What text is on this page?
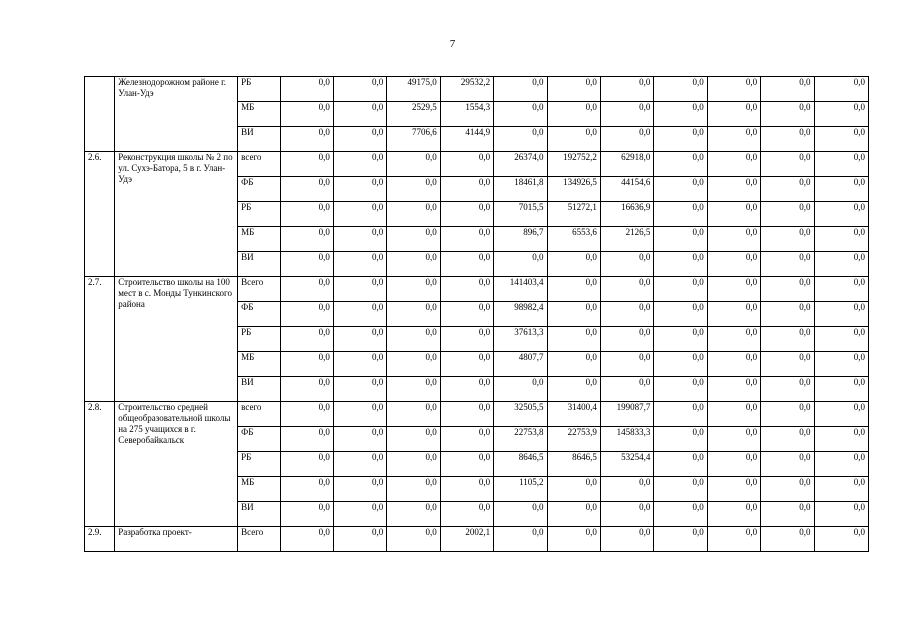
7
	Железнодорожном районе г. Улан-Удэ	РБ	0,0	0,0	49175,0	29532,2	0,0	0,0	0,0	0,0	0,0	0,0	0,0
		МБ	0,0	0,0	2529,5	1554,3	0,0	0,0	0,0	0,0	0,0	0,0	0,0
		ВИ	0,0	0,0	7706,6	4144,9	0,0	0,0	0,0	0,0	0,0	0,0	0,0
2.6.	Реконструкция школы № 2 по ул. Сухэ-Батора, 5 в г. Улан-Удэ	всего	0,0	0,0	0,0	0,0	26374,0	192752,2	62918,0	0,0	0,0	0,0	0,0
		ФБ	0,0	0,0	0,0	0,0	18461,8	134926,5	44154,6	0,0	0,0	0,0	0,0
		РБ	0,0	0,0	0,0	0,0	7015,5	51272,1	16636,9	0,0	0,0	0,0	0,0
		МБ	0,0	0,0	0,0	0,0	896,7	6553,6	2126,5	0,0	0,0	0,0	0,0
		ВИ	0,0	0,0	0,0	0,0	0,0	0,0	0,0	0,0	0,0	0,0	0,0
2.7.	Строительство школы на 100 мест в с. Монды Тункинского района	Всего	0,0	0,0	0,0	0,0	141403,4	0,0	0,0	0,0	0,0	0,0	0,0
		ФБ	0,0	0,0	0,0	0,0	98982,4	0,0	0,0	0,0	0,0	0,0	0,0
		РБ	0,0	0,0	0,0	0,0	37613,3	0,0	0,0	0,0	0,0	0,0	0,0
		МБ	0,0	0,0	0,0	0,0	4807,7	0,0	0,0	0,0	0,0	0,0	0,0
		ВИ	0,0	0,0	0,0	0,0	0,0	0,0	0,0	0,0	0,0	0,0	0,0
2.8.	Строительство средней общеобразовательной школы на 275 учащихся в г. Северобайкальск	всего	0,0	0,0	0,0	0,0	32505,5	31400,4	199087,7	0,0	0,0	0,0	0,0
		ФБ	0,0	0,0	0,0	0,0	22753,8	22753,9	145833,3	0,0	0,0	0,0	0,0
		РБ	0,0	0,0	0,0	0,0	8646,5	8646,5	53254,4	0,0	0,0	0,0	0,0
		МБ	0,0	0,0	0,0	0,0	1105,2	0,0	0,0	0,0	0,0	0,0	0,0
		ВИ	0,0	0,0	0,0	0,0	0,0	0,0	0,0	0,0	0,0	0,0	0,0
2.9.	Разработка проект-	Всего	0,0	0,0	0,0	2002,1	0,0	0,0	0,0	0,0	0,0	0,0	0,0
